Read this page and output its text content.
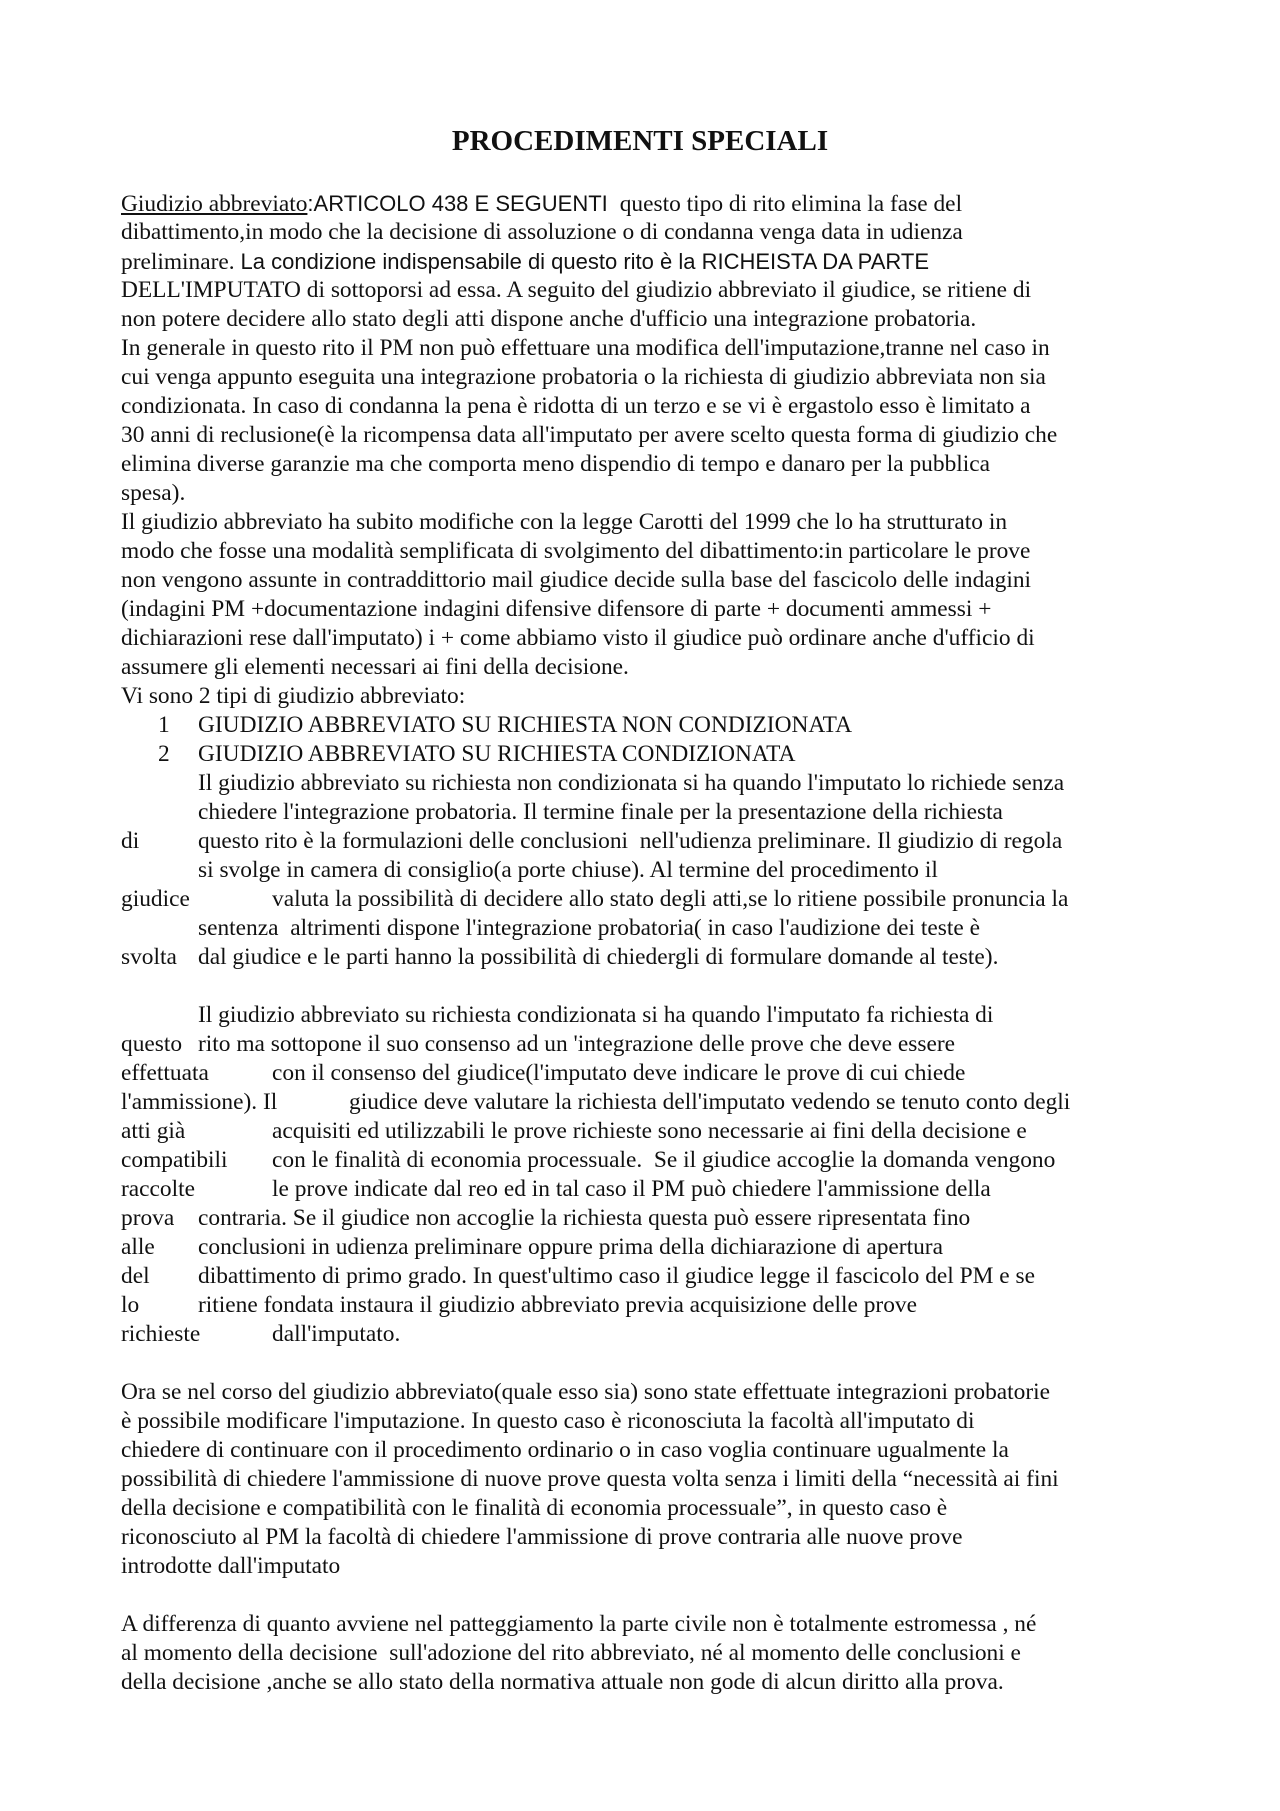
PROCEDIMENTI SPECIALI
Giudizio abbreviato:ARTICOLO 438 E SEGUENTI  questo tipo di rito elimina la fase del
dibattimento,in modo che la decisione di assoluzione o di condanna venga data in udienza
preliminare. La condizione indispensabile di questo rito è la RICHEISTA DA PARTE
DELL'IMPUTATO di sottoporsi ad essa. A seguito del giudizio abbreviato il giudice, se ritiene di
non potere decidere allo stato degli atti dispone anche d'ufficio una integrazione probatoria.
In generale in questo rito il PM non può effettuare una modifica dell'imputazione,tranne nel caso in
cui venga appunto eseguita una integrazione probatoria o la richiesta di giudizio abbreviata non sia
condizionata. In caso di condanna la pena è ridotta di un terzo e se vi è ergastolo esso è limitato a
30 anni di reclusione(è la ricompensa data all'imputato per avere scelto questa forma di giudizio che
elimina diverse garanzie ma che comporta meno dispendio di tempo e danaro per la pubblica
spesa).
Il giudizio abbreviato ha subito modifiche con la legge Carotti del 1999 che lo ha strutturato in
modo che fosse una modalità semplificata di svolgimento del dibattimento:in particolare le prove
non vengono assunte in contraddittorio mail giudice decide sulla base del fascicolo delle indagini
(indagini PM +documentazione indagini difensive difensore di parte + documenti ammessi +
dichiarazioni rese dall'imputato) i + come abbiamo visto il giudice può ordinare anche d'ufficio di
assumere gli elementi necessari ai fini della decisione.
Vi sono 2 tipi di giudizio abbreviato:
1 GIUDIZIO ABBREVIATO SU RICHIESTA NON CONDIZIONATA
2 GIUDIZIO ABBREVIATO SU RICHIESTA CONDIZIONATA
Il giudizio abbreviato su richiesta non condizionata si ha quando l'imputato lo richiede senza
chiedere l'integrazione probatoria. Il termine finale per la presentazione della richiesta
di	questo rito è la formulazioni delle conclusioni  nell'udienza preliminare. Il giudizio di regola
si svolge in camera di consiglio(a porte chiuse). Al termine del procedimento il
giudice	valuta la possibilità di decidere allo stato degli atti,se lo ritiene possibile pronuncia la
sentenza  altrimenti dispone l'integrazione probatoria( in caso l'audizione dei teste è
svolta dal giudice e le parti hanno la possibilità di chiedergli di formulare domande al teste).
Il giudizio abbreviato su richiesta condizionata si ha quando l'imputato fa richiesta di
questo rito ma sottopone il suo consenso ad un 'integrazione delle prove che deve essere
effettuata	con il consenso del giudice(l'imputato deve indicare le prove di cui chiede
l'ammissione). Il	giudice deve valutare la richiesta dell'imputato vedendo se tenuto conto degli
atti già	acquisiti ed utilizzabili le prove richieste sono necessarie ai fini della decisione e
compatibili con le finalità di economia processuale.  Se il giudice accoglie la domanda vengono
raccolte	le prove indicate dal reo ed in tal caso il PM può chiedere l'ammissione della
prova contraria. Se il giudice non accoglie la richiesta questa può essere ripresentata fino
alle conclusioni in udienza preliminare oppure prima della dichiarazione di apertura
del dibattimento di primo grado. In quest'ultimo caso il giudice legge il fascicolo del PM e se
lo	ritiene fondata instaura il giudizio abbreviato previa acquisizione delle prove
richieste	dall'imputato.
Ora se nel corso del giudizio abbreviato(quale esso sia) sono state effettuate integrazioni probatorie
è possibile modificare l'imputazione. In questo caso è riconosciuta la facoltà all'imputato di
chiedere di continuare con il procedimento ordinario o in caso voglia continuare ugualmente la
possibilità di chiedere l'ammissione di nuove prove questa volta senza i limiti della “necessità ai fini
della decisione e compatibilità con le finalità di economia processuale”, in questo caso è
riconosciuto al PM la facoltà di chiedere l'ammissione di prove contraria alle nuove prove
introdotte dall'imputato
A differenza di quanto avviene nel patteggiamento la parte civile non è totalmente estromessa , né
al momento della decisione  sull'adozione del rito abbreviato, né al momento delle conclusioni e
della decisione ,anche se allo stato della normativa attuale non gode di alcun diritto alla prova.
